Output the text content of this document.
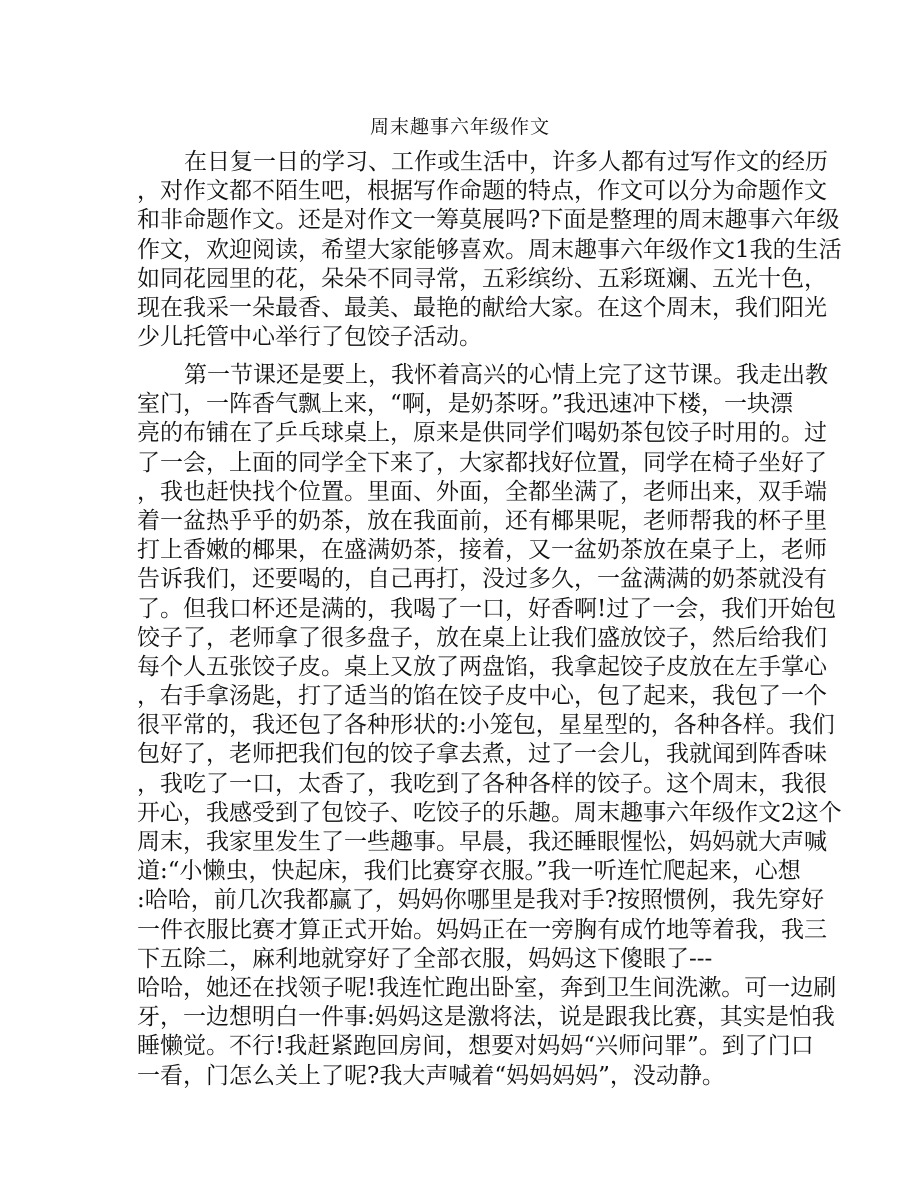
周末趣事六年级作文
在日复一日的学习、工作或生活中，许多人都有过写作文的经历
，对作文都不陌生吧，根据写作命题的特点，作文可以分为命题作文
和非命题作文。还是对作文一筹莫展吗?下面是整理的周末趣事六年级
作文，欢迎阅读，希望大家能够喜欢。周末趣事六年级作文1我的生活
如同花园里的花，朵朵不同寻常，五彩缤纷、五彩斑斓、五光十色，
现在我采一朵最香、最美、最艳的献给大家。在这个周末，我们阳光
少儿托管中心举行了包饺子活动。
第一节课还是要上，我怀着高兴的心情上完了这节课。我走出教
室门，一阵香气飘上来，“啊，是奶茶呀。”我迅速冲下楼，一块漂
亮的布铺在了乒乓球桌上，原来是供同学们喝奶茶包饺子时用的。过
了一会，上面的同学全下来了，大家都找好位置，同学在椅子坐好了
，我也赶快找个位置。里面、外面，全都坐满了，老师出来，双手端
着一盆热乎乎的奶茶，放在我面前，还有椰果呢，老师帮我的杯子里
打上香嫩的椰果，在盛满奶茶，接着，又一盆奶茶放在桌子上，老师
告诉我们，还要喝的，自己再打，没过多久，一盆满满的奶茶就没有
了。但我口杯还是满的，我喝了一口，好香啊!过了一会，我们开始包
饺子了，老师拿了很多盘子，放在桌上让我们盛放饺子，然后给我们
每个人五张饺子皮。桌上又放了两盘馅，我拿起饺子皮放在左手掌心
，右手拿汤匙，打了适当的馅在饺子皮中心，包了起来，我包了一个
很平常的，我还包了各种形状的:小笼包，星星型的，各种各样。我们
包好了，老师把我们包的饺子拿去煮，过了一会儿，我就闻到阵香味
，我吃了一口，太香了，我吃到了各种各样的饺子。这个周末，我很
开心，我感受到了包饺子、吃饺子的乐趣。周末趣事六年级作文2这个
周末，我家里发生了一些趣事。早晨，我还睡眼惺忪，妈妈就大声喊
道:“小懒虫，快起床，我们比赛穿衣服。”我一听连忙爬起来，心想
:哈哈，前几次我都赢了，妈妈你哪里是我对手?按照惯例，我先穿好
一件衣服比赛才算正式开始。妈妈正在一旁胸有成竹地等着我，我三
下五除二，麻利地就穿好了全部衣服，妈妈这下傻眼了---
哈哈，她还在找领子呢!我连忙跑出卧室，奔到卫生间洗漱。可一边刷
牙，一边想明白一件事:妈妈这是激将法，说是跟我比赛，其实是怕我
睡懒觉。不行!我赶紧跑回房间，想要对妈妈“兴师问罪”。到了门口
一看，门怎么关上了呢?我大声喊着“妈妈妈妈”，没动静。
